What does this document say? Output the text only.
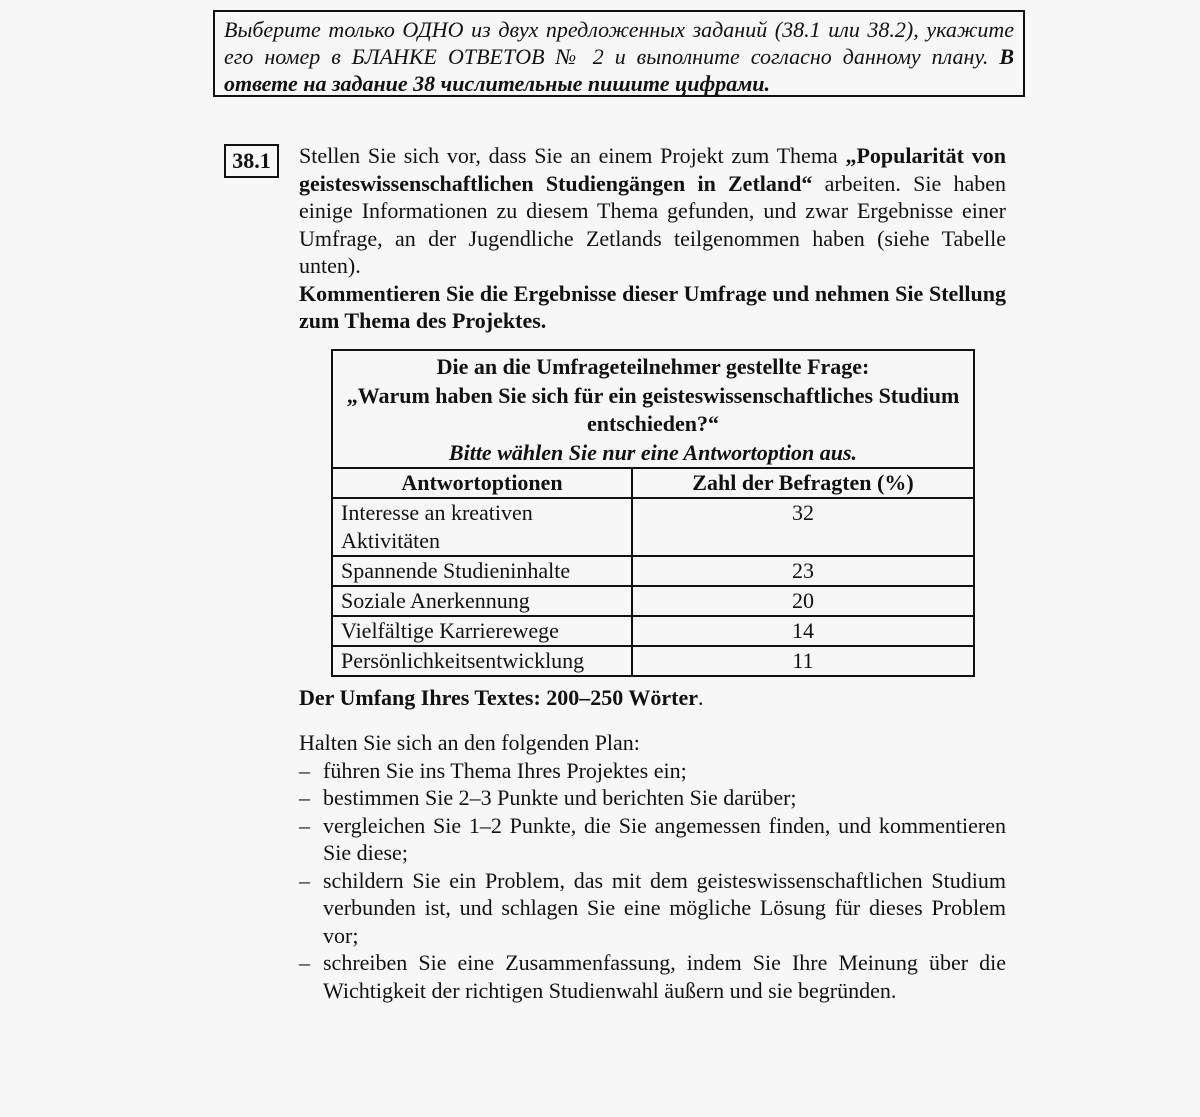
Выберите только ОДНО из двух предложенных заданий (38.1 или 38.2), укажите его номер в БЛАНКЕ ОТВЕТОВ № 2 и выполните согласно данному плану. В ответе на задание 38 числительные пишите цифрами.
38.1	Stellen Sie sich vor, dass Sie an einem Projekt zum Thema „Popularität von geisteswissenschaftlichen Studiengängen in Zetland“ arbeiten. Sie haben einige Informationen zu diesem Thema gefunden, und zwar Ergebnisse einer Umfrage, an der Jugendliche Zetlands teilgenommen haben (siehe Tabelle unten).

Kommentieren Sie die Ergebnisse dieser Umfrage und nehmen Sie Stellung zum Thema des Projektes.

Die an die Umfrageteilnehmer gestellte Frage:
„Warum haben Sie sich für ein geisteswissenschaftliches Studium entschieden?“
Bitte wählen Sie nur eine Antwortoption aus.	

Antwortoptionen	Zahl der Befragten (%)
Interesse an kreativen Aktivitäten	32
Spannende Studieninhalte	23
Soziale Anerkennung	20
Vielfältige Karrierewege	14
Persönlichkeitsentwicklung	11
Der Umfang Ihres Textes: 200–250 Wörter.

Halten Sie sich an den folgenden Plan:

– führen Sie ins Thema Ihres Projektes ein;
– bestimmen Sie 2–3 Punkte und berichten Sie darüber;
– vergleichen Sie 1–2 Punkte, die Sie angemessen finden, und kommentieren Sie diese;
– schildern Sie ein Problem, das mit dem geisteswissenschaftlichen Studium verbunden ist, und schlagen Sie eine mögliche Lösung für dieses Problem vor;
– schreiben Sie eine Zusammenfassung, indem Sie Ihre Meinung über die Wichtigkeit der richtigen Studienwahl äußern und sie begründen.
